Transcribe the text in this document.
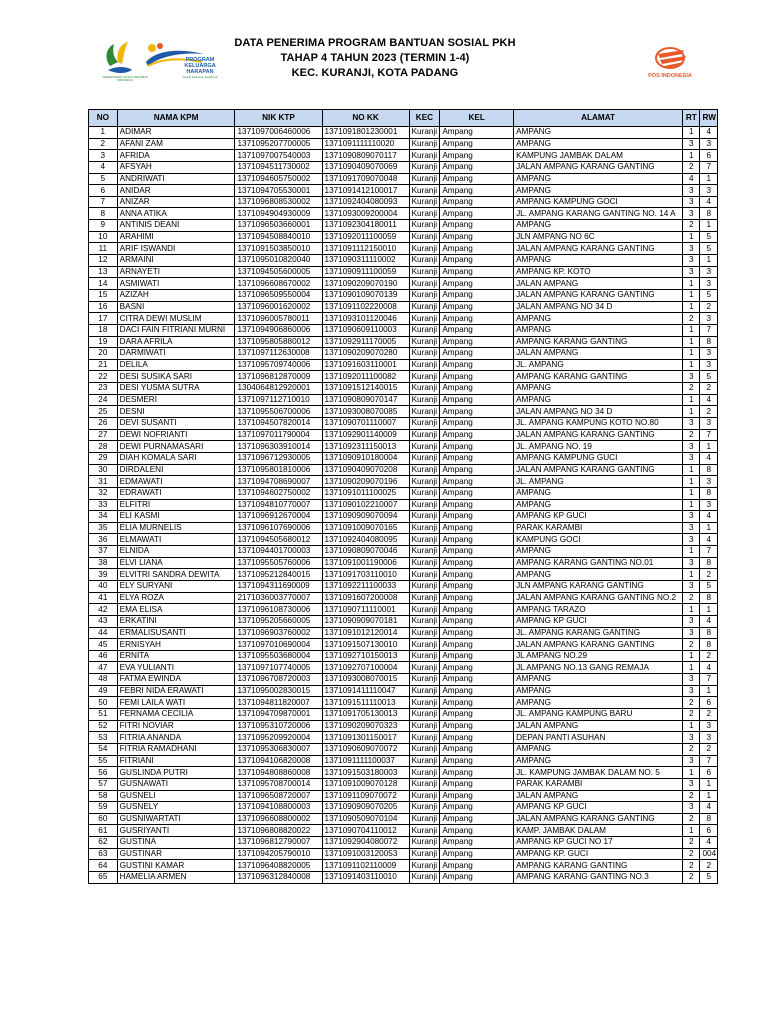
KEMENTERIAN SOSIAL REPUBLIK INDONESIA
PROGRAM
KELUARGA
HARAPAN
Peduli Keluarga Sejahtera
DATA PENERIMA PROGRAM BANTUAN SOSIAL PKH
TAHAP 4 TAHUN 2023 (TERMIN 1-4)
KEC. KURANJI, KOTA PADANG	POS INDONESIA
NO	NAMA KPM	NIK KTP	NO KK	KEC	KEL	ALAMAT	RT	RW
1	ADIMAR	1371097006460006	1371091801230001	Kuranji	Ampang	AMPANG	1	4
2	AFANI ZAM	1371095207700005	1371091111110020	Kuranji	Ampang	AMPANG	3	3
3	AFRIDA	1371097007540003	1371090809070117	Kuranji	Ampang	KAMPUNG JAMBAK DALAM	1	6
4	AFSYAH	1371094511730002	1371090409070069	Kuranji	Ampang	JALAN AMPANG KARANG GANTING	2	7
5	ANDRIWATI	1371094605750002	1371091709070048	Kuranji	Ampang	AMPANG	4	1
6	ANIDAR	1371094705530001	1371091412100017	Kuranji	Ampang	AMPANG	3	3
7	ANIZAR	1371096808530002	1371092404080093	Kuranji	Ampang	AMPANG KAMPUNG GOCI	3	4
8	ANNA ATIKA	1371094904930009	1371093009200004	Kuranji	Ampang	JL. AMPANG KARANG GANTING NO. 14 A	3	8
9	ANTINIS DEANI	1371096503660001	1371092304180011	Kuranji	Ampang	AMPANG	2	1
10	ARAHIMI	1371094508840010	1371092011100059	Kuranji	Ampang	JLN AMPANG NO 6C	1	5
11	ARIF ISWANDI	1371091503850010	1371091112150010	Kuranji	Ampang	JALAN AMPANG KARANG GANTING	3	5
12	ARMAINI	1371095010820040	1371090311110002	Kuranji	Ampang	AMPANG	3	1
13	ARNAYETI	1371094505600005	1371090911100059	Kuranji	Ampang	AMPANG KP. KOTO	3	3
14	ASMIWATI	1371096608670002	1371090209070190	Kuranji	Ampang	JALAN AMPANG	1	3
15	AZIZAH	1371096509550004	1371090109070139	Kuranji	Ampang	JALAN AMPANG KARANG GANTING	1	5
16	BASNI	1371096001620002	1371091102220008	Kuranji	Ampang	JALAN AMPANG NO 34 D	1	2
17	CITRA DEWI MUSLIM	1371096005780011	1371093101120046	Kuranji	Ampang	AMPANG	2	3
18	DACI FAIN FITRIANI MURNI	1371094906860006	1371090609110003	Kuranji	Ampang	AMPANG	1	7
19	DARA AFRILA	1371095805880012	1371092911170005	Kuranji	Ampang	AMPANG KARANG GANTING	1	8
20	DARMIWATI	1371097112630008	1371090209070280	Kuranji	Ampang	JALAN AMPANG	1	3
21	DELILA	1371095709740006	1371091603110001	Kuranji	Ampang	JL. AMPANG	1	3
22	DESI SUSIKA SARI	1371096812870009	1371092011100082	Kuranji	Ampang	AMPANG KARANG GANTING	3	5
23	DESI YUSMA SUTRA	1304064812920001	1371091512140015	Kuranji	Ampang	AMPANG	2	2
24	DESMERI	1371097112710010	1371090809070147	Kuranji	Ampang	AMPANG	1	4
25	DESNI	1371095506700006	1371093008070085	Kuranji	Ampang	JALAN AMPANG NO 34 D	1	2
26	DEVI SUSANTI	1371094507820014	1371090701110007	Kuranji	Ampang	JL. AMPANG KAMPUNG KOTO NO.80	3	3
27	DEWI NOFRIANTI	1371097011790004	1371092901140009	Kuranji	Ampang	JALAN AMPANG KARANG GANTING	2	7
28	DEWI PURNAMASARI	1371096303910014	1371092311150013	Kuranji	Ampang	JL. AMPANG NO. 19	3	1
29	DIAH KOMALA SARI	1371096712930005	1371090910180004	Kuranji	Ampang	AMPANG KAMPUNG GUCI	3	4
30	DIRDALENI	1371095801810006	1371090409070208	Kuranji	Ampang	JALAN AMPANG KARANG GANTING	1	8
31	EDMAWATI	1371094708690007	1371090209070196	Kuranji	Ampang	JL. AMPANG	1	3
32	EDRAWATI	1371094602750002	1371091011100025	Kuranji	Ampang	AMPANG	1	8
33	ELFITRI	1371094810770007	1371090102210007	Kuranji	Ampang	AMPANG	1	3
34	ELI KASMI	1371096912670004	1371090909070094	Kuranji	Ampang	AMPANG KP GUCI	3	4
35	ELIA MURNELIS	1371096107690006	1371091009070165	Kuranji	Ampang	PARAK KARAMBI	3	1
36	ELMAWATI	1371094505680012	1371092404080095	Kuranji	Ampang	KAMPUNG GOCI	3	4
37	ELNIDA	1371094401700003	1371090809070046	Kuranji	Ampang	AMPANG	1	7
38	ELVI LIANA	1371095505760006	1371091001190006	Kuranji	Ampang	AMPANG KARANG GANTING NO.01	3	8
39	ELVITRI SANDRA DEWITA	1371095212840015	1371091703110010	Kuranji	Ampang	AMPANG	1	2
40	ELY SURYANI	1371094311690009	1371092211100033	Kuranji	Ampang	JLN AMPANG KARANG GANTING	3	5
41	ELYA ROZA	2171036003770007	1371091607200008	Kuranji	Ampang	JALAN AMPANG KARANG GANTING NO.2	2	8
42	EMA ELISA	1371096108730006	1371090711110001	Kuranji	Ampang	AMPANG TARAZO	1	1
43	ERKATINI	1371095205660005	1371090909070181	Kuranji	Ampang	AMPANG KP GUCI	3	4
44	ERMALISUSANTI	1371096903760002	1371091012120014	Kuranji	Ampang	JL. AMPANG KARANG GANTING	3	8
45	ERNISYAH	1371097010690004	1371091507130010	Kuranji	Ampang	JALAN AMPANG KARANG GANTING	2	8
46	ERNITA	1371095503680004	1371092710150013	Kuranji	Ampang	JL AMPANG NO.29	1	2
47	EVA YULIANTI	1371097107740005	1371092707100004	Kuranji	Ampang	JL AMPANG NO.13 GANG REMAJA	1	4
48	FATMA EWINDA	1371096708720003	1371093008070015	Kuranji	Ampang	AMPANG	3	7
49	FEBRI NIDA ERAWATI	1371095002830015	1371091411110047	Kuranji	Ampang	AMPANG	3	1
50	FEMI LAILA WATI	1371094811820007	1371091511110013	Kuranji	Ampang	AMPANG	2	6
51	FERNAMA CECILIA	1371094709870001	1371091705130013	Kuranji	Ampang	JL. AMPANG KAMPUNG BARU	2	2
52	FITRI NOVIAR	1371095310720006	1371090209070323	Kuranji	Ampang	JALAN AMPANG	1	3
53	FITRIA ANANDA	1371095209920004	1371091301150017	Kuranji	Ampang	DEPAN PANTI ASUHAN	3	3
54	FITRIA RAMADHANI	1371095306830007	1371090609070072	Kuranji	Ampang	AMPANG	2	2
55	FITRIANI	1371094106820008	1371091111100037	Kuranji	Ampang	AMPANG	3	7
56	GUSLINDA PUTRI	1371094808860008	1371091503180003	Kuranji	Ampang	JL. KAMPUNG JAMBAK DALAM NO. 5	1	6
57	GUSNAWATI	1371095708700014	1371091009070128	Kuranji	Ampang	PARAK KARAMBI	3	1
58	GUSNELI	1371096508720007	1371091109070072	Kuranji	Ampang	JALAN AMPANG	2	1
59	GUSNELY	1371094108800003	1371090909070205	Kuranji	Ampang	AMPANG KP GUCI	3	4
60	GUSNIWARTATI	1371096608800002	1371090509070104	Kuranji	Ampang	JALAN AMPANG KARANG GANTING	2	8
61	GUSRIYANTI	1371096808820022	1371090704110012	Kuranji	Ampang	KAMP. JAMBAK DALAM	1	6
62	GUSTINA	1371096812790007	1371092904080072	Kuranji	Ampang	AMPANG KP GUCI NO 17	2	4
63	GUSTINAR	1371094205790010	1371091003120053	Kuranji	Ampang	AMPANG KP. GUCI	2	004
64	GUSTINI KAMAR	1371096408820005	1371091102110009	Kuranji	Ampang	AMPANG KARANG GANTING	2	2
65	HAMELIA ARMEN	1371096312840008	1371091403110010	Kuranji	Ampang	AMPANG KARANG GANTING NO.3	2	5
